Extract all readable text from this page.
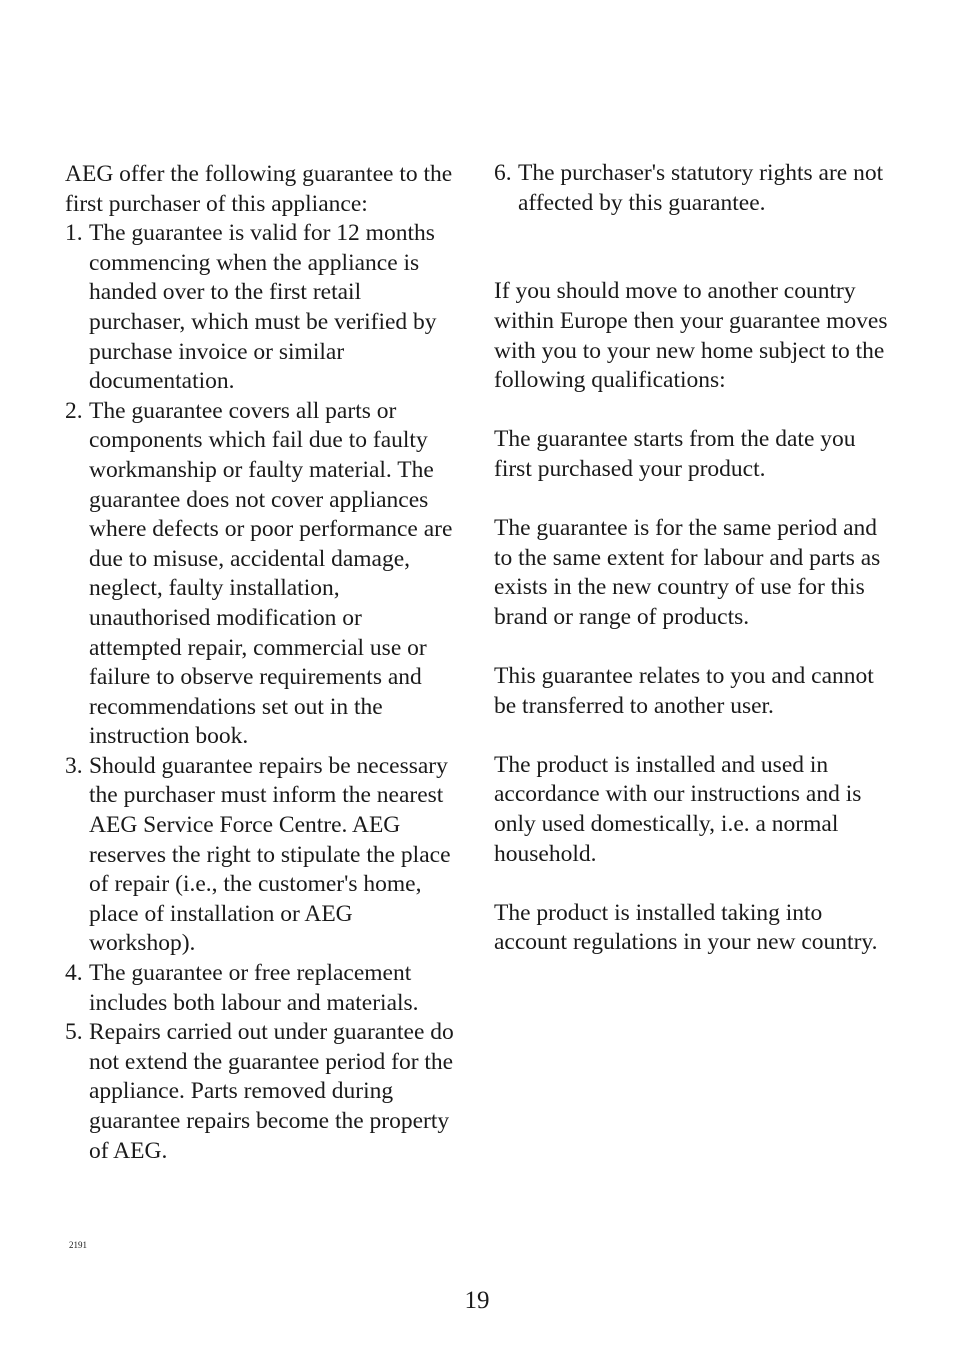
AEG offer the following guarantee to the first purchaser of this appliance:

1. The guarantee is valid for 12 months commencing when the appliance is handed over to the first retail purchaser, which must be verified by purchase invoice or similar documentation.
2. The guarantee covers all parts or components which fail due to faulty workmanship or faulty material. The guarantee does not cover appliances where defects or poor performance are due to misuse, accidental damage, neglect, faulty installation, unauthorised modification or attempted repair, commercial use or failure to observe requirements and recommendations set out in the instruction book.
3. Should guarantee repairs be necessary the purchaser must inform the nearest AEG Service Force Centre. AEG reserves the right to stipulate the place of repair (i.e., the customer's home, place of installation or AEG workshop).
4. The guarantee or free replacement includes both labour and materials.
5. Repairs carried out under guarantee do not extend the guarantee period for the appliance. Parts removed during guarantee repairs become the property of AEG.
6. The purchaser's statutory rights are not affected by this guarantee.

If you should move to another country within Europe then your guarantee moves with you to your new home subject to the following qualifications:

The guarantee starts from the date you first purchased your product.

The guarantee is for the same period and to the same extent for labour and parts as exists in the new country of use for this brand or range of products.

This guarantee relates to you and cannot be transferred to another user.

The product is installed and used in accordance with our instructions and is only used domestically, i.e. a normal household.

The product is installed taking into account regulations in your new country.

2191
19
